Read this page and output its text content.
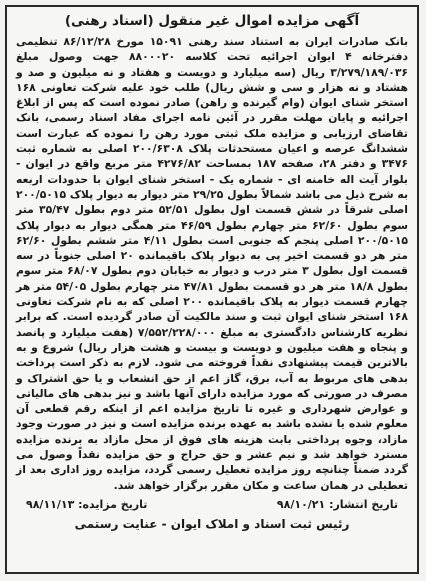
آگهی مزایده اموال غیر منقول (اسناد رهنی)

بانک صادرات ایران به استناد سند رهنی ۱۵۰۹۱ مورخ ۸۶/۱۲/۲۸ تنظیمی دفترخانه ۴ ایوان اجرائیه تحت کلاسه ۸۸۰۰۰۲۰ جهت وصول مبلغ ۳/۲۷۹/۱۸۹/۰۳۶ ریال (سه میلیارد و دویست و هفتاد و نه میلیون و صد و هشتاد و نه هزار و سی و شش ریال) طلب خود علیه شرکت تعاونی ۱۶۸ استخر شنای ایوان (وام گیرنده و راهن) صادر نموده است که پس از ابلاغ اجرائیه و پایان مهلت مقرر در آئین نامه اجرای مفاد اسناد رسمی، بانک تقاضای ارزیابی و مزایده ملک ثبتی مورد رهن را نموده که عبارت است ششدانگ عرصه و اعیان مستحدثات پلاک ۲۰۰/۶۳۰۸ اصلی به شماره ثبت ۳۴۷۶ و دفتر ۲۸، صفحه ۱۸۷ بمساحت ۴۲۷۶/۸۲ متر مربع واقع در ایوان - بلوار آیت اله خامنه ای - شماره یک - استخر شنای ایوان با حدودات اربعه به شرح ذیل می باشد شمالاً بطول ۲۹/۲۵ متر دیوار به دیوار پلاک ۲۰۰/۵۰۱۵ اصلی شرقاً در شش قسمت اول بطول ۵۲/۵۱ متر دوم بطول ۳۵/۴۷ متر سوم بطول ۶۲/۶۰ متر چهارم بطول ۴۶/۵۹ متر همگی دیوار به دیوار پلاک ۲۰۰/۵۰۱۵ اصلی پنجم که جنوبی است بطول ۴/۱۱ متر ششم بطول ۶۲/۶۰ متر هر دو قسمت اخیر پی به دیوار پلاک باقیمانده ۲۰ اصلی جنوباً در سه قسمت اول بطول ۳ متر درب و دیوار به خیابان دوم بطول ۶۸/۰۷ متر سوم بطول ۱۸/۸ متر هر دو قسمت بطول ۴۷/۸۱ متر چهارم بطول ۵۴/۰۵ متر هر چهارم قسمت دیوار به پلاک باقیمانده ۲۰۰ اصلی که به نام شرکت تعاونی ۱۶۸ استخر شنای ایوان ثبت و سند مالکیت آن صادر گردیده است. که برابر نظریه کارشناس دادگستری به مبلغ ۷/۵۵۲/۲۲۸/۰۰۰ (هفت میلیارد و پانصد و پنجاه و هفت میلیون و دویست و بیست و هشت هزار ریال) شروع و به بالاترین قیمت پیشنهادی نقداً فروخته می شود. لازم به ذکر است پرداخت بدهی های مربوط به آب، برق، گاز اعم از حق انشعاب و یا حق اشتراک و مصرف در صورتی که مورد مزایده دارای آنها باشد و نیز بدهی های مالیاتی و عوارض شهرداری و غیره تا تاریخ مزایده اعم از اینکه رقم قطعی آن معلوم شده یا نشده باشد به عهده برنده مزایده است و نیز در صورت وجود مازاد، وجوه پرداختی بابت هزینه های فوق از محل مازاد به برنده مزایده مسترد خواهد شد و نیم عشر و حق حراج و حق مزایده نقداً وصول می گردد ضمناً چنانچه روز مزایده تعطیل رسمی گردد، مزایده روز اداری بعد از تعطیلی در همان ساعت و مکان مقرر برگزار خواهد شد.

تاریخ انتشار: ۹۸/۱۰/۲۱
تاریخ مزایده: ۹۸/۱۱/۱۳
رئیس ثبت اسناد و املاک ایوان - عنایت رستمی
